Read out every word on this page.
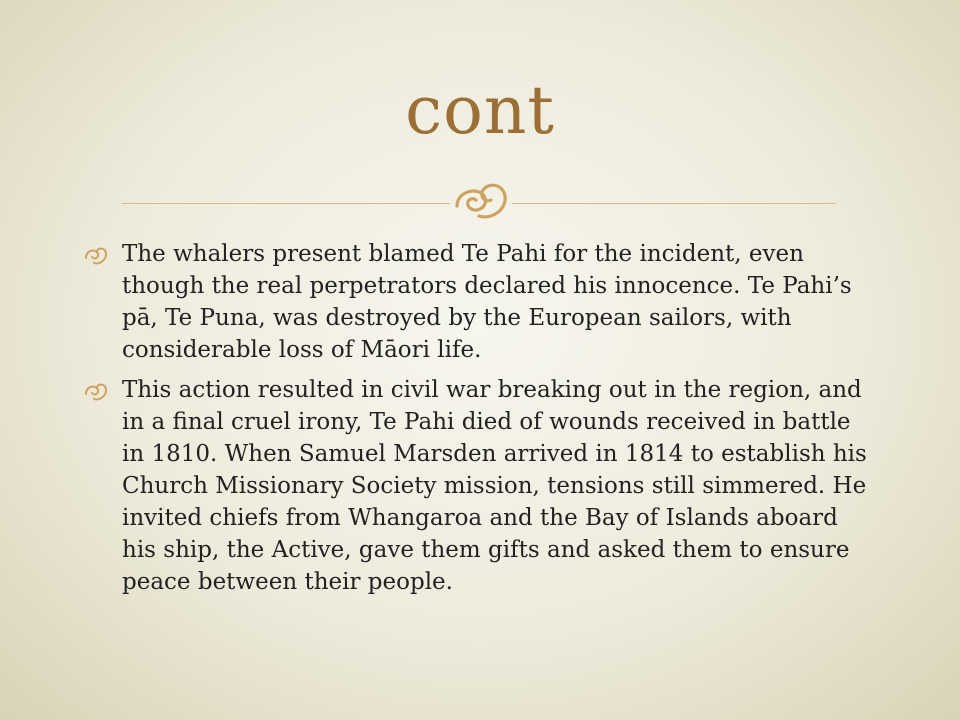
cont
The whalers present blamed Te Pahi for the incident, even though the real perpetrators declared his innocence. Te Pahi’s pā, Te Puna, was destroyed by the European sailors, with considerable loss of Māori life.
This action resulted in civil war breaking out in the region, and in a final cruel irony, Te Pahi died of wounds received in battle in 1810. When Samuel Marsden arrived in 1814 to establish his Church Missionary Society mission, tensions still simmered. He invited chiefs from Whangaroa and the Bay of Islands aboard his ship, the Active, gave them gifts and asked them to ensure peace between their people.
